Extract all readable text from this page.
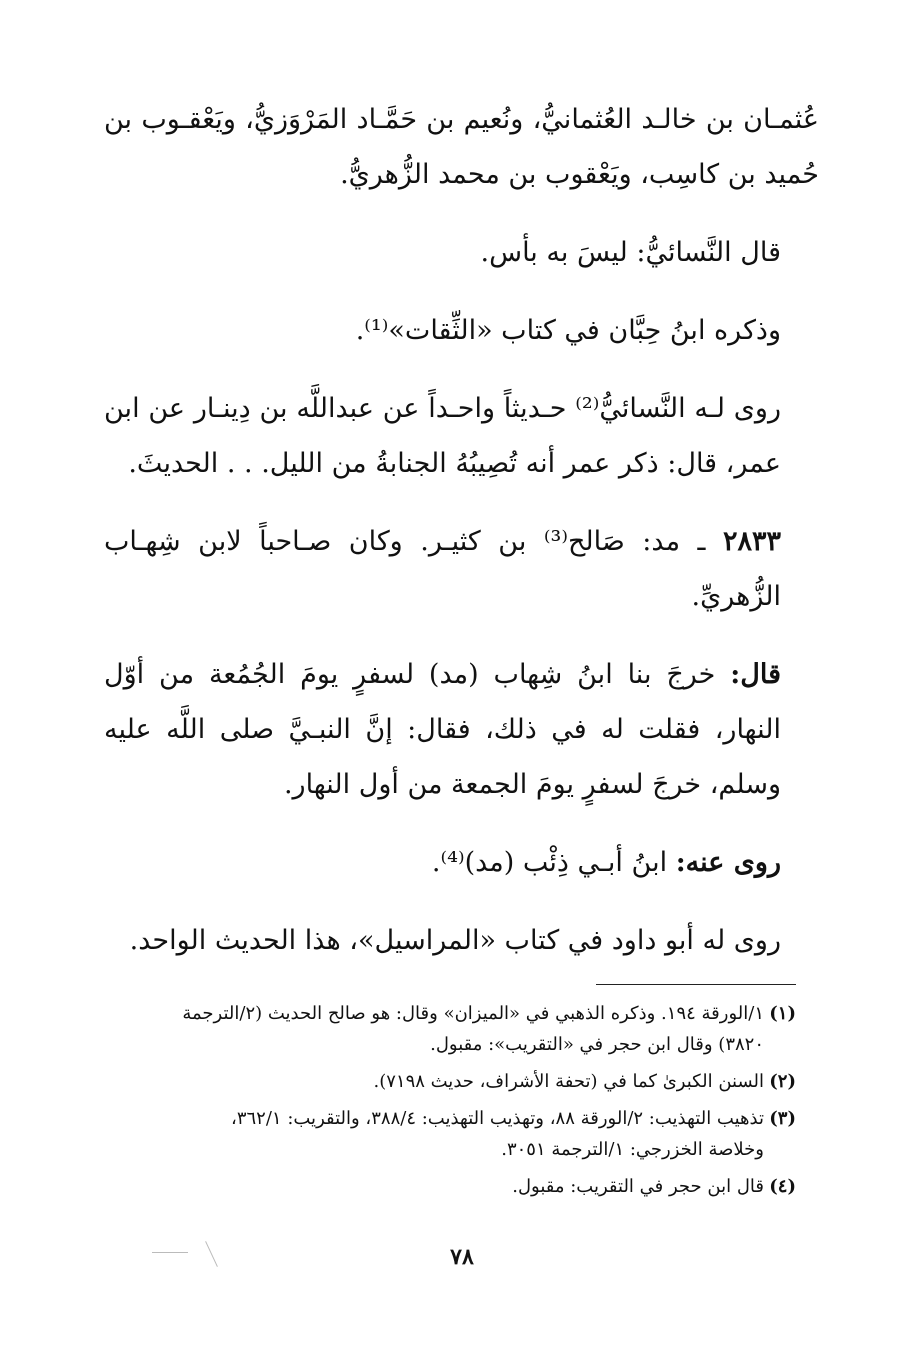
عُثمـان بن خالـد العُثمانيُّ، ونُعيم بن حَمَّـاد المَرْوَزيُّ، ويَعْقـوب بن حُميد بن كاسِب، ويَعْقوب بن محمد الزُّهريُّ.

قال النَّسائيُّ: ليسَ به بأس.

وذكره ابنُ حِبَّان في كتاب «الثِّقات»⁽¹⁾.

روى لـه النَّسائيُّ⁽²⁾ حـديثاً واحـداً عن عبداللَّه بن دِينـار عن ابن عمر، قال: ذكر عمر أنه تُصِيبُهُ الجنابةُ من الليل. . . الحديثَ.

٢٨٣٣ ـ مد: صَالح⁽³⁾ بن كثيـر. وكان صـاحباً لابن شِهـاب الزُّهريِّ.

قال: خرجَ بنا ابنُ شِهاب (مد) لسفرٍ يومَ الجُمُعة من أوّل النهار، فقلت له في ذلك، فقال: إنَّ النبـيَّ صلى اللَّه عليه وسلم، خرجَ لسفرٍ يومَ الجمعة من أول النهار.

روى عنه: ابنُ أبـي ذِئْب (مد)⁽⁴⁾.

روى له أبو داود في كتاب «المراسيل»، هذا الحديث الواحد.

(١)١/الورقة ١٩٤. وذكره الذهبي في «الميزان» وقال: هو صالح الحديث (٢/الترجمة
٣٨٢٠) وقال ابن حجر في «التقريب»: مقبول.

(٢)السنن الكبرىٰ كما في (تحفة الأشراف، حديث ٧١٩٨).

(٣)تذهيب التهذيب: ٢/الورقة ٨٨، وتهذيب التهذيب: ٣٨٨/٤، والتقريب: ٣٦٢/١،
وخلاصة الخزرجي: ١/الترجمة ٣٠٥١.

(٤)قال ابن حجر في التقريب: مقبول.

٧٨
